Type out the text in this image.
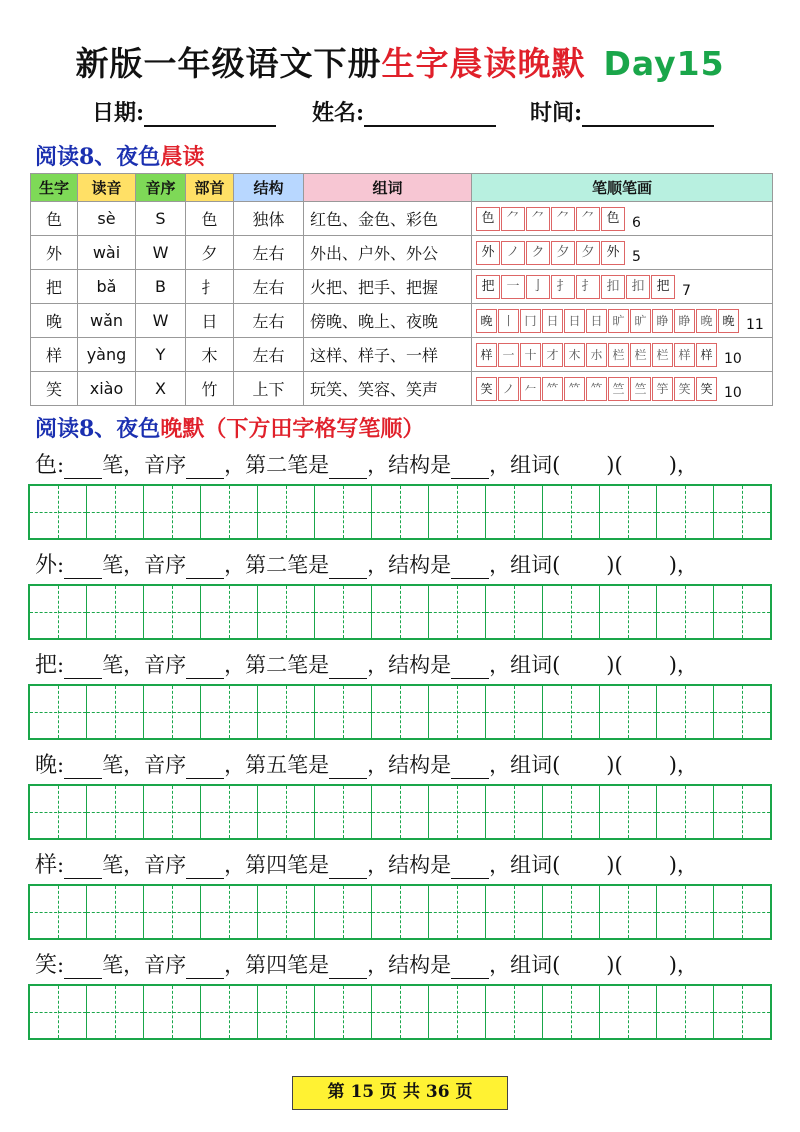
新版一年级语文下册生字晨读晚默 Day15
日期:	姓名:	时间:
阅读8、夜色晨读
生字	读音	音序	部首	结构	组词	笔顺笔画
色	sè	S	色	独体	红色、金色、彩色	色 ⺈ ⺈ ⺈ ⺈ 色 6
外	wài	W	夕	左右	外出、户外、外公	外 ノ ク 夕 夕 外 5
把	bǎ	B	扌	左右	火把、把手、把握	把 一 亅 扌 扌 扣 扣 把 7
晚	wǎn	W	日	左右	傍晚、晚上、夜晚	晚 丨 冂 日 日 日 旷 旷 睁 睁 晚 晚 11
样	yàng	Y	木	左右	这样、样子、一样	样 一 十 才 木 朩 栏 栏 栏 样 样 10
笑	xiào	X	竹	上下	玩笑、笑容、笑声	笑 ノ 𠂉 𥫗 𥫗 𥫗 竺 竺 竽 笑 笑 10
阅读8、夜色晚默（下方田字格写笔顺）
色: 笔，音序 ，第二笔是 ，结构是 ，组词( )( )，
外: 笔，音序 ，第二笔是 ，结构是 ，组词( )( )，
把: 笔，音序 ，第二笔是 ，结构是 ，组词( )( )，
晚: 笔，音序 ，第五笔是 ，结构是 ，组词( )( )，
样: 笔，音序 ，第四笔是 ，结构是 ，组词( )( )，
笑: 笔，音序 ，第四笔是 ，结构是 ，组词( )( )，
第 15 页 共 36 页
